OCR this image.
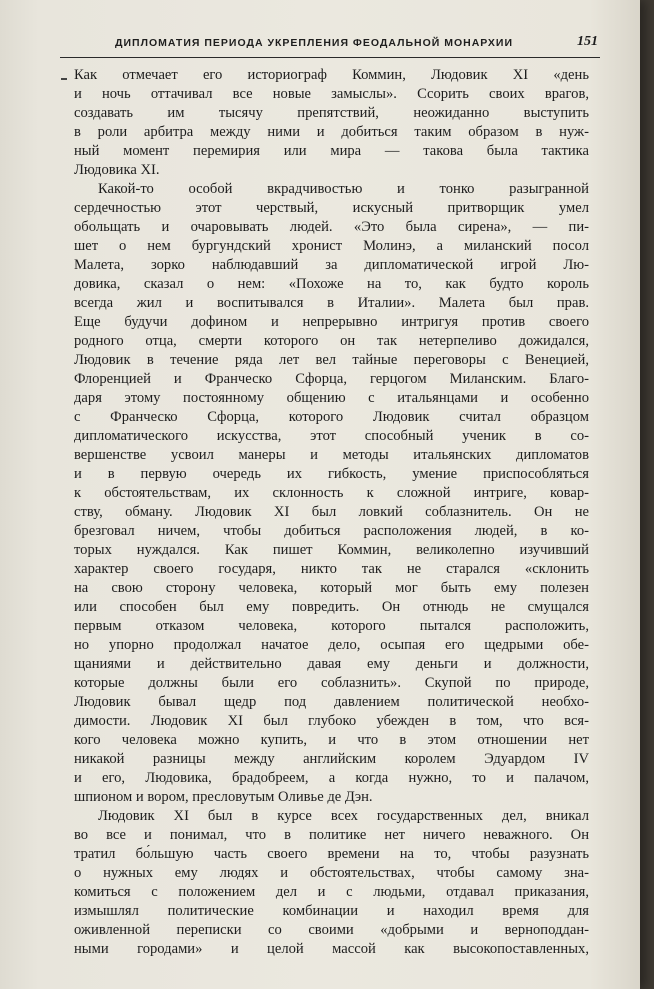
ДИПЛОМАТИЯ ПЕРИОДА УКРЕПЛЕНИЯ ФЕОДАЛЬНОЙ МОНАРХИИ	151
Как отмечает его историограф Коммин, Людовик XI «день
и ночь оттачивал все новые замыслы». Ссорить своих врагов,
создавать им тысячу препятствий, неожиданно выступить
в роли арбитра между ними и добиться таким образом в нуж-
ный момент перемирия или мира — такова была тактика
Людовика XI.
Какой-то особой вкрадчивостью и тонко разыгранной
сердечностью этот черствый, искусный притворщик умел
обольщать и очаровывать людей. «Это была сирена», — пи-
шет о нем бургундский хронист Молинэ, а миланский посол
Малета, зорко наблюдавший за дипломатической игрой Лю-
довика, сказал о нем: «Похоже на то, как будто король
всегда жил и воспитывался в Италии». Малета был прав.
Еще будучи дофином и непрерывно интригуя против своего
родного отца, смерти которого он так нетерпеливо дожидался,
Людовик в течение ряда лет вел тайные переговоры с Венецией,
Флоренцией и Франческо Сфорца, герцогом Миланским. Благо-
даря этому постоянному общению с итальянцами и особенно
с Франческо Сфорца, которого Людовик считал образцом
дипломатического искусства, этот способный ученик в со-
вершенстве усвоил манеры и методы итальянских дипломатов
и в первую очередь их гибкость, умение приспособляться
к обстоятельствам, их склонность к сложной интриге, ковар-
ству, обману. Людовик XI был ловкий соблазнитель. Он не
брезговал ничем, чтобы добиться расположения людей, в ко-
торых нуждался. Как пишет Коммин, великолепно изучивший
характер своего государя, никто так не старался «склонить
на свою сторону человека, который мог быть ему полезен
или способен был ему повредить. Он отнюдь не смущался
первым отказом человека, которого пытался расположить,
но упорно продолжал начатое дело, осыпая его щедрыми обе-
щаниями и действительно давая ему деньги и должности,
которые должны были его соблазнить». Скупой по природе,
Людовик бывал щедр под давлением политической необхо-
димости. Людовик XI был глубоко убежден в том, что вся-
кого человека можно купить, и что в этом отношении нет
никакой разницы между английским королем Эдуардом IV
и его, Людовика, брадобреем, а когда нужно, то и палачом,
шпионом и вором, пресловутым Оливье де Дэн.
Людовик XI был в курсе всех государственных дел, вникал
во все и понимал, что в политике нет ничего неважного. Он
тратил бо́льшую часть своего времени на то, чтобы разузнать
о нужных ему людях и обстоятельствах, чтобы самому зна-
комиться с положением дел и с людьми, отдавал приказания,
измышлял политические комбинации и находил время для
оживленной переписки со своими «добрыми и верноподдан-
ными городами» и целой массой как высокопоставленных,
